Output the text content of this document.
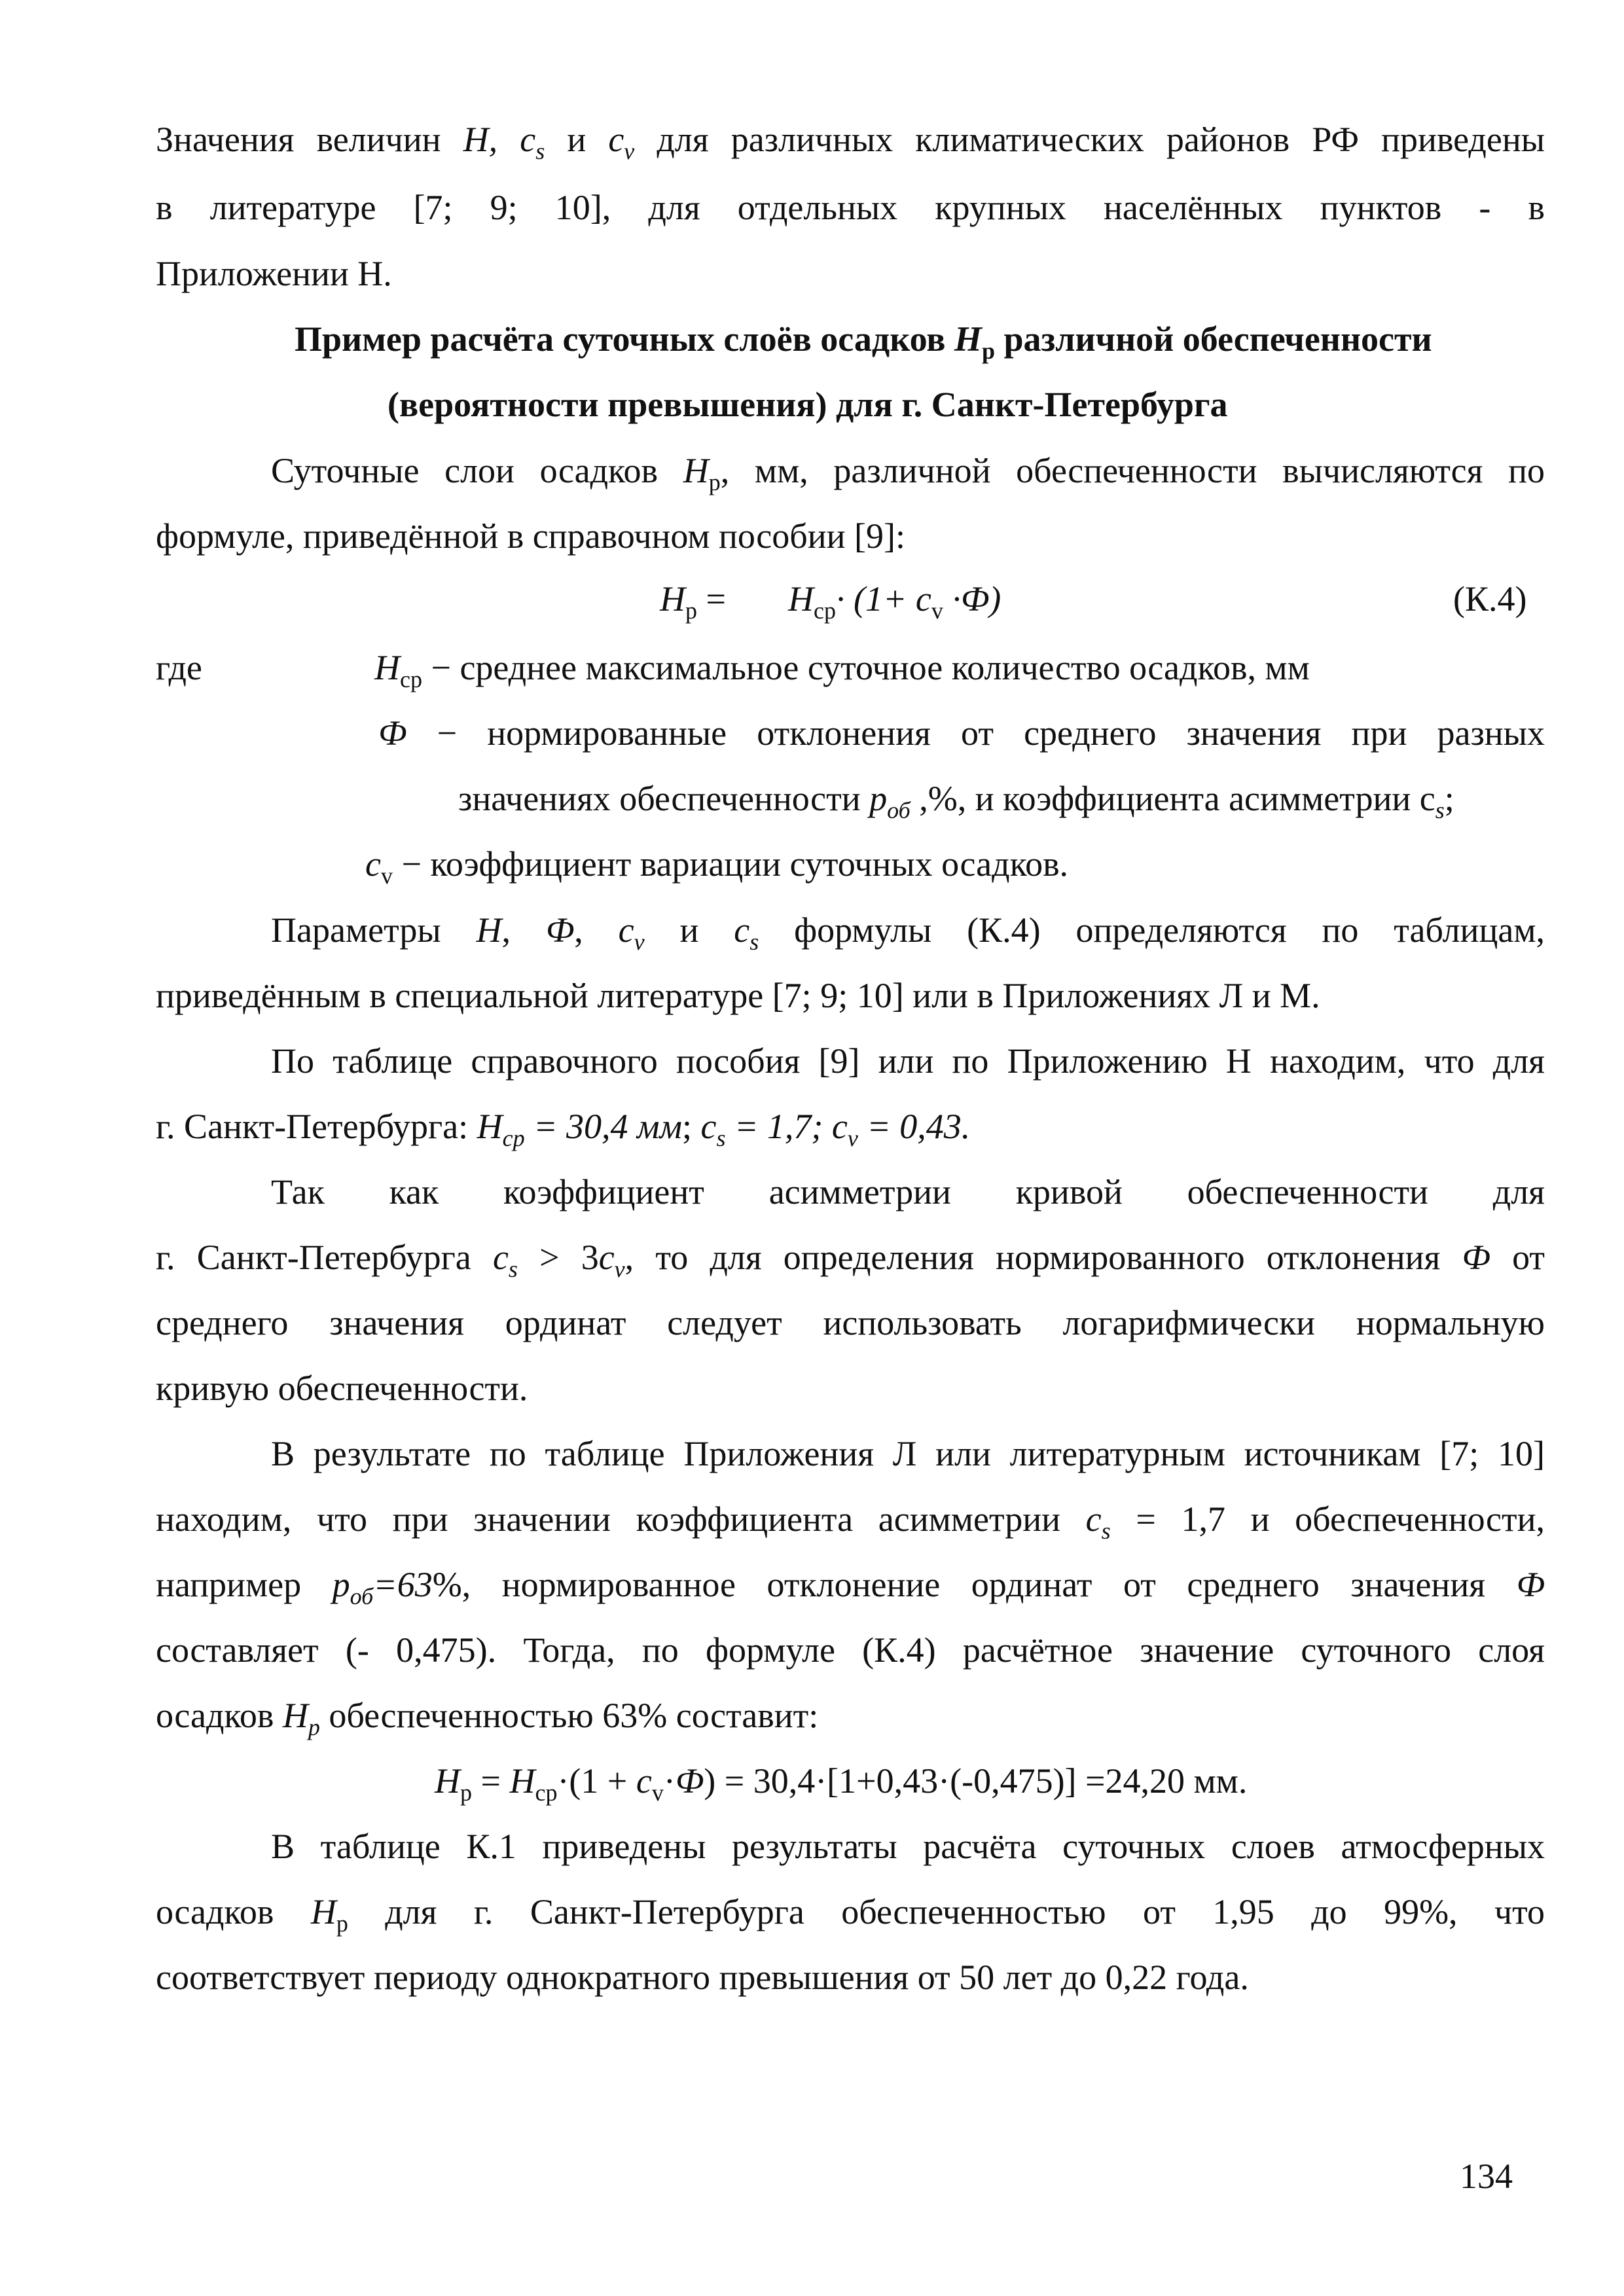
Значения величин H, $c_s$ и $c_v$ для различных климатических районов РФ приведены

в литературе [7; 9; 10], для отдельных крупных населённых пунктов - в

Приложении Н.

Пример расчёта суточных слоёв осадков $H_р$ различной обеспеченности

(вероятности превышения) для г. Санкт-Петербурга

Суточные слои осадков $H_р$, мм, различной обеспеченности вычисляются по

формуле, приведённой в справочном пособии [9]:

$H_р = H_{ср}\cdot (1+ c_v \cdot Ф)$	(К.4)
где	$H_{ср}$ − среднее максимальное суточное количество осадков, мм
Ф − нормированные отклонения от среднего значения при разных
значениях обеспеченности $p_{об}$ ,%, и коэффициента асимметрии $c_s$;
$c_v$ − коэффициент вариации суточных осадков.

Параметры H, Ф, $c_v$ и $c_s$ формулы (К.4) определяются по таблицам,

приведённым в специальной литературе [7; 9; 10] или в Приложениях Л и М.

По таблице справочного пособия [9] или по Приложению Н находим, что для

г. Санкт-Петербурга: $H_{ср} = 30,4$ мм; $c_s = 1,7$; $c_v = 0,43$.

Так как коэффициент асимметрии кривой обеспеченности для

г. Санкт-Петербурга $c_s > 3c_v$, то для определения нормированного отклонения Ф от

среднего значения ординат следует использовать логарифмически нормальную

кривую обеспеченности.

В результате по таблице Приложения Л или литературным источникам [7; 10]

находим, что при значении коэффициента асимметрии $c_s = 1,7$ и обеспеченности,

например $p_{об}=63\%$, нормированное отклонение ординат от среднего значения Ф

составляет (- 0,475). Тогда, по формуле (К.4) расчётное значение суточного слоя

осадков $H_р$ обеспеченностью 63% составит:

$H_р = H_{ср}\cdot(1 + c_v\cdot Ф) = 30,4\cdot[1+0,43\cdot(-0,475)] =24,20$ мм.

В таблице К.1 приведены результаты расчёта суточных слоев атмосферных

осадков $H_р$ для г. Санкт-Петербурга обеспеченностью от 1,95 до 99%, что

соответствует периоду однократного превышения от 50 лет до 0,22 года.

134
